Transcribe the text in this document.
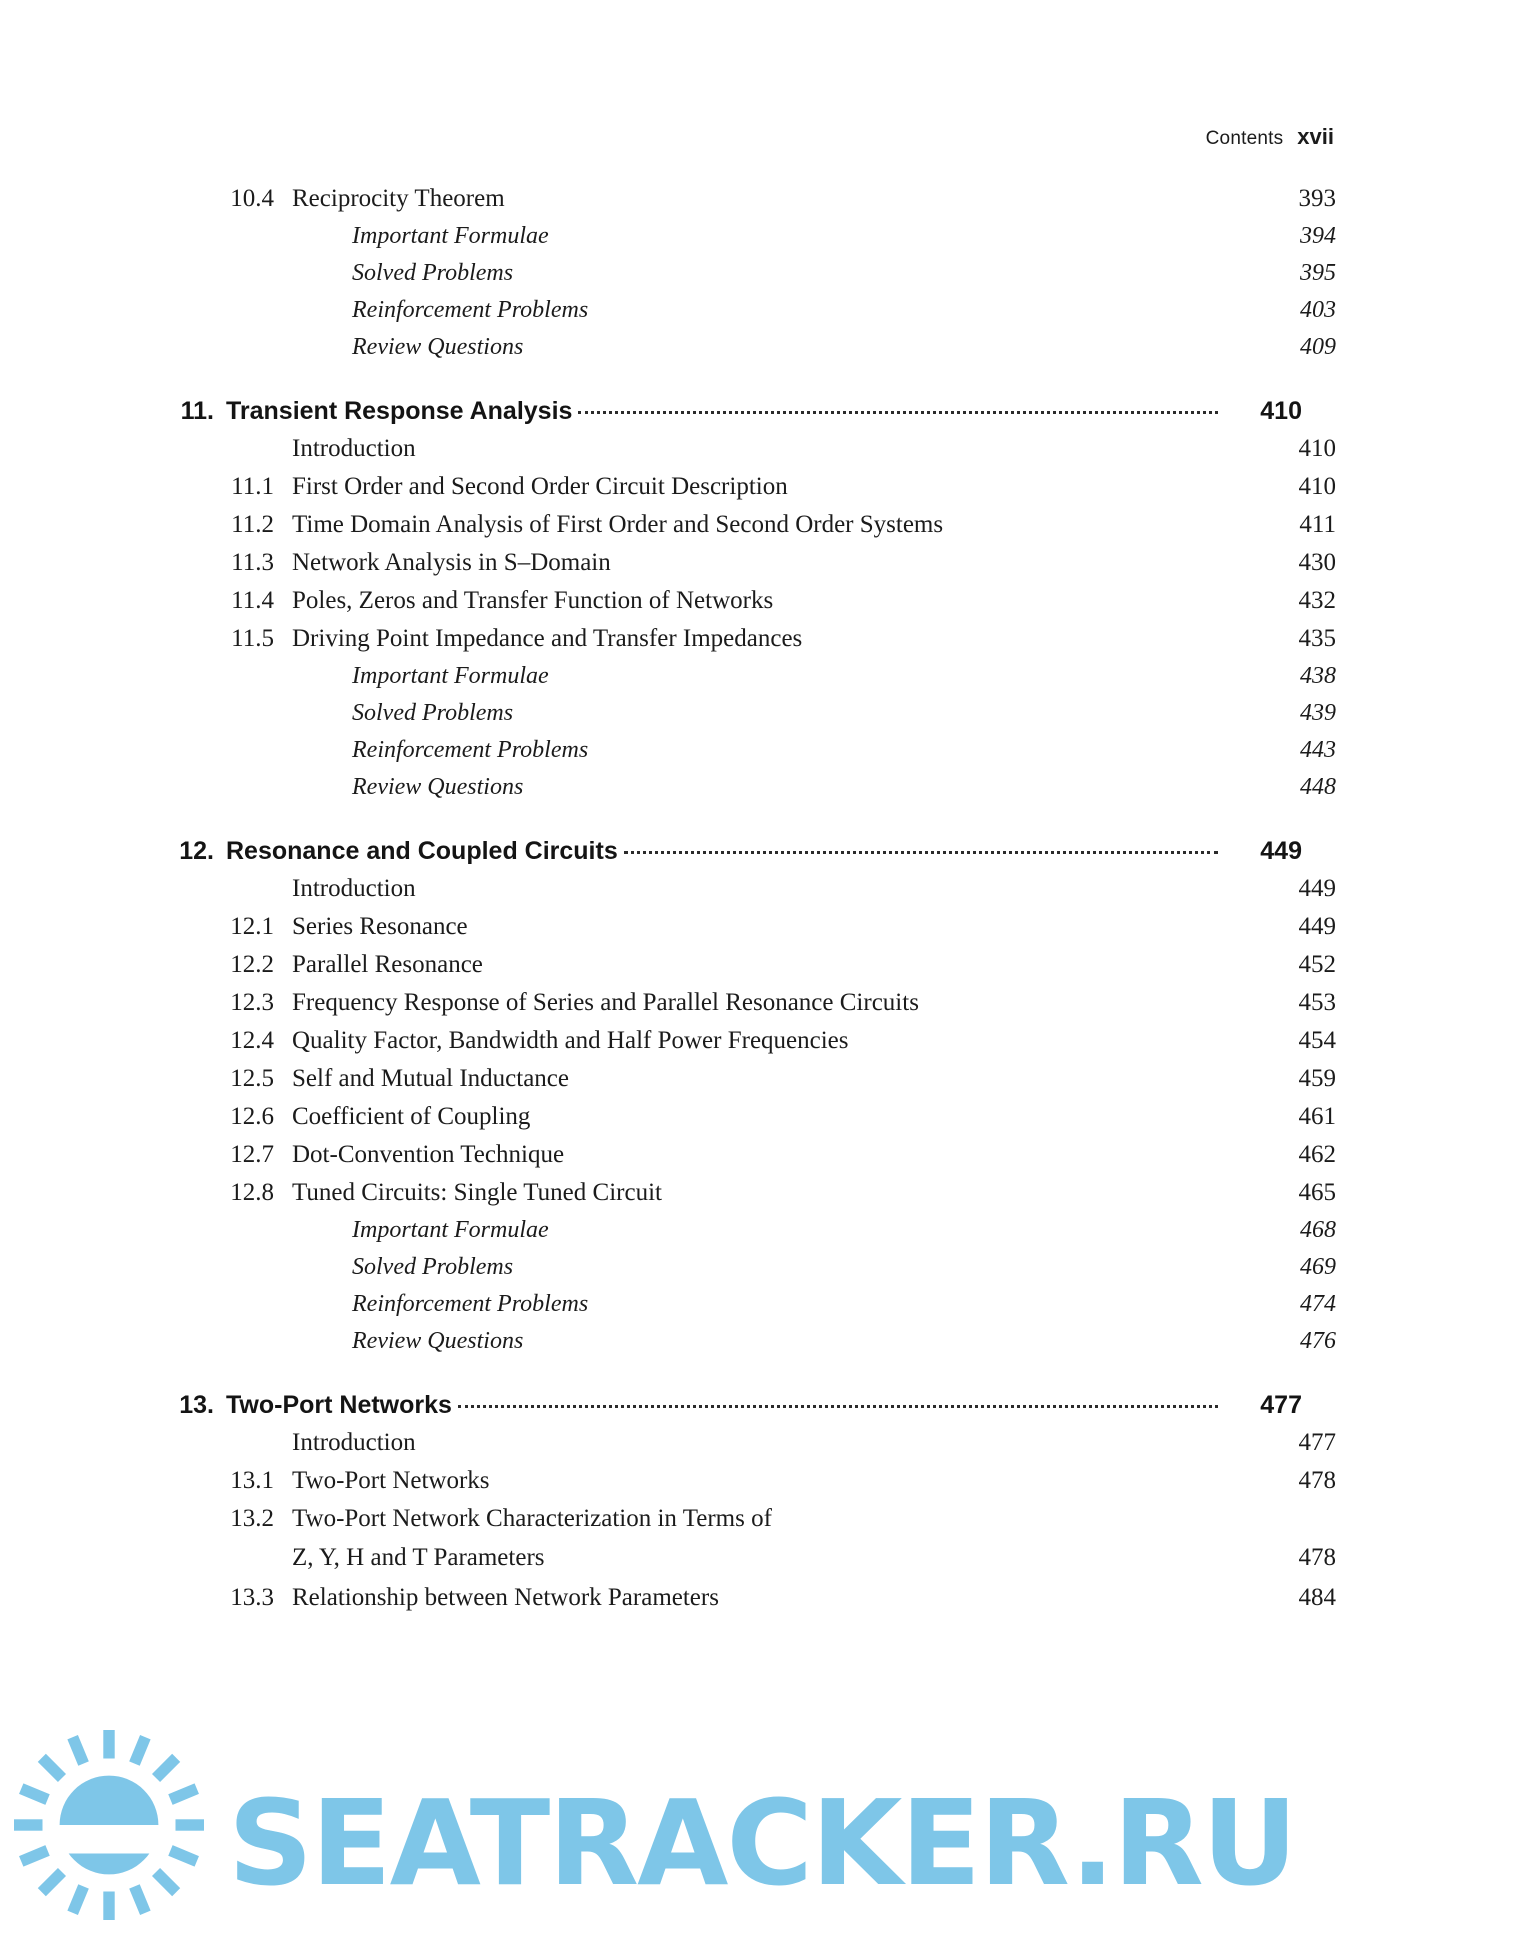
Contents xvii
10.4 Reciprocity Theorem	393
Important Formulae	394
Solved Problems	395
Reinforcement Problems	403
Review Questions	409
11. Transient Response Analysis	410
Introduction	410
11.1 First Order and Second Order Circuit Description	410
11.2 Time Domain Analysis of First Order and Second Order Systems	411
11.3 Network Analysis in S–Domain	430
11.4 Poles, Zeros and Transfer Function of Networks	432
11.5 Driving Point Impedance and Transfer Impedances	435
Important Formulae	438
Solved Problems	439
Reinforcement Problems	443
Review Questions	448
12. Resonance and Coupled Circuits	449
Introduction	449
12.1 Series Resonance	449
12.2 Parallel Resonance	452
12.3 Frequency Response of Series and Parallel Resonance Circuits	453
12.4 Quality Factor, Bandwidth and Half Power Frequencies	454
12.5 Self and Mutual Inductance	459
12.6 Coefficient of Coupling	461
12.7 Dot-Convention Technique	462
12.8 Tuned Circuits: Single Tuned Circuit	465
Important Formulae	468
Solved Problems	469
Reinforcement Problems	474
Review Questions	476
13. Two-Port Networks	477
Introduction	477
13.1 Two-Port Networks	478
13.2 Two-Port Network Characterization in Terms of
Z, Y, H and T Parameters	478
13.3 Relationship between Network Parameters	484
SEATRACKER.RU
